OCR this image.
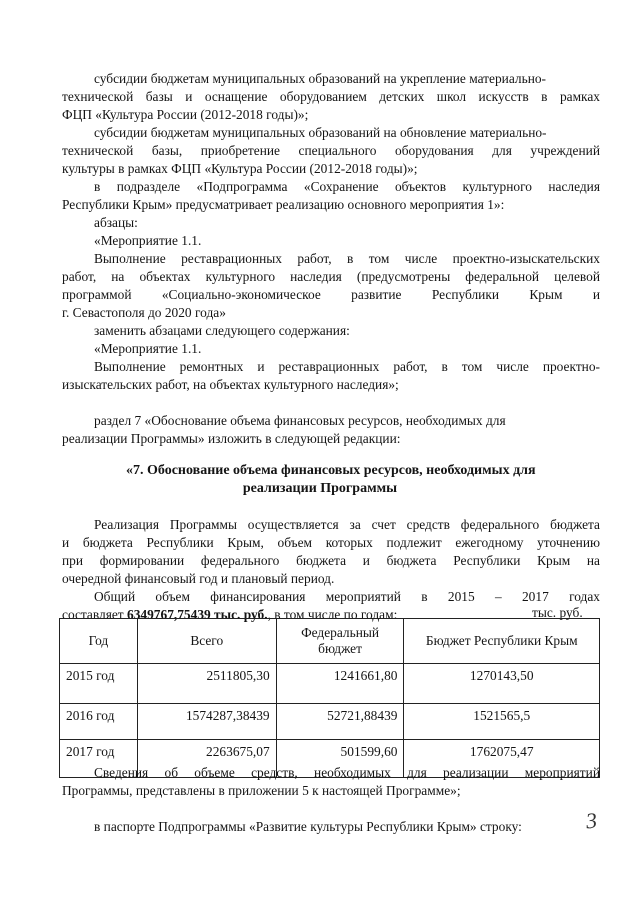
субсидии бюджетам муниципальных образований на укрепление материально-
технической базы и оснащение оборудованием детских школ искусств в рамках
ФЦП «Культура России (2012-2018 годы)»;
субсидии бюджетам муниципальных образований на обновление материально-
технической базы, приобретение специального оборудования для учреждений
культуры в рамках ФЦП «Культура России (2012-2018 годы)»;
в подразделе «Подпрограмма «Сохранение объектов культурного наследия
Республики Крым» предусматривает реализацию основного мероприятия 1»:
абзацы:
«Мероприятие 1.1.
Выполнение реставрационных работ, в том числе проектно-изыскательских
работ, на объектах культурного наследия (предусмотрены федеральной целевой
программой «Социально-экономическое развитие Республики Крым и
г. Севастополя до 2020 года»
заменить абзацами следующего содержания:
«Мероприятие 1.1.
Выполнение ремонтных и реставрационных работ, в том числе проектно-
изыскательских работ, на объектах культурного наследия»;
раздел 7 «Обоснование объема финансовых ресурсов, необходимых для
реализации Программы» изложить в следующей редакции:
«7. Обоснование объема финансовых ресурсов, необходимых для
реализации Программы
Реализация Программы осуществляется за счет средств федерального бюджета
и бюджета Республики Крым, объем которых подлежит ежегодному уточнению
при формировании федерального бюджета и бюджета Республики Крым на
очередной финансовый год и плановый период.
Общий объем финансирования мероприятий в 2015 – 2017 годах
составляет 6349767,75439 тыс. руб., в том числе по годам:	тыс. руб.
Год	Всего	Федеральный бюджет	Бюджет Республики Крым
2015 год	2511805,30	1241661,80	1270143,50
2016 год	1574287,38439	52721,88439	1521565,5
2017 год	2263675,07	501599,60	1762075,47
Сведения об объеме средств, необходимых для реализации мероприятий
Программы, представлены в приложении 5 к настоящей Программе»;
в паспорте Подпрограммы «Развитие культуры Республики Крым» строку:	3
